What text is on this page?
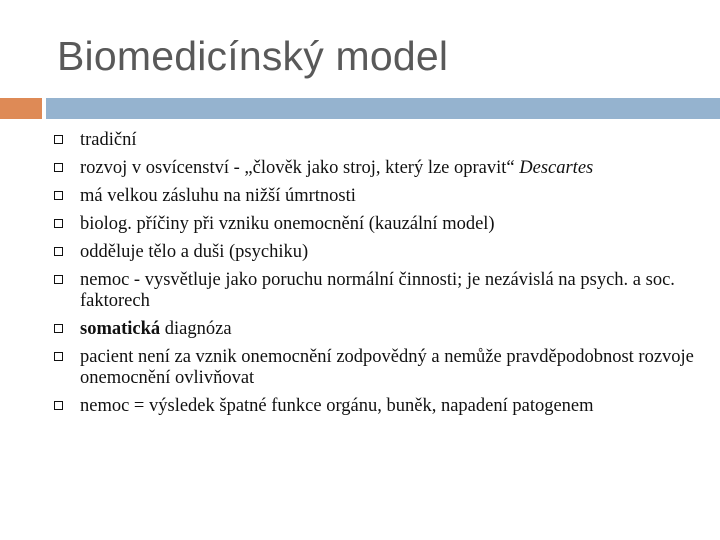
Biomedicínský model
tradiční
rozvoj v osvícenství - „člověk jako stroj, který lze opravit“ Descartes
má velkou zásluhu na nižší úmrtnosti
biolog. příčiny při vzniku onemocnění (kauzální model)
odděluje tělo a duši (psychiku)
nemoc - vysvětluje jako poruchu normální činnosti; je nezávislá na psych. a soc. faktorech
somatická diagnóza
pacient není za vznik onemocnění zodpovědný a nemůže pravděpodobnost rozvoje onemocnění ovlivňovat
nemoc = výsledek špatné funkce orgánu, buněk, napadení patogenem
